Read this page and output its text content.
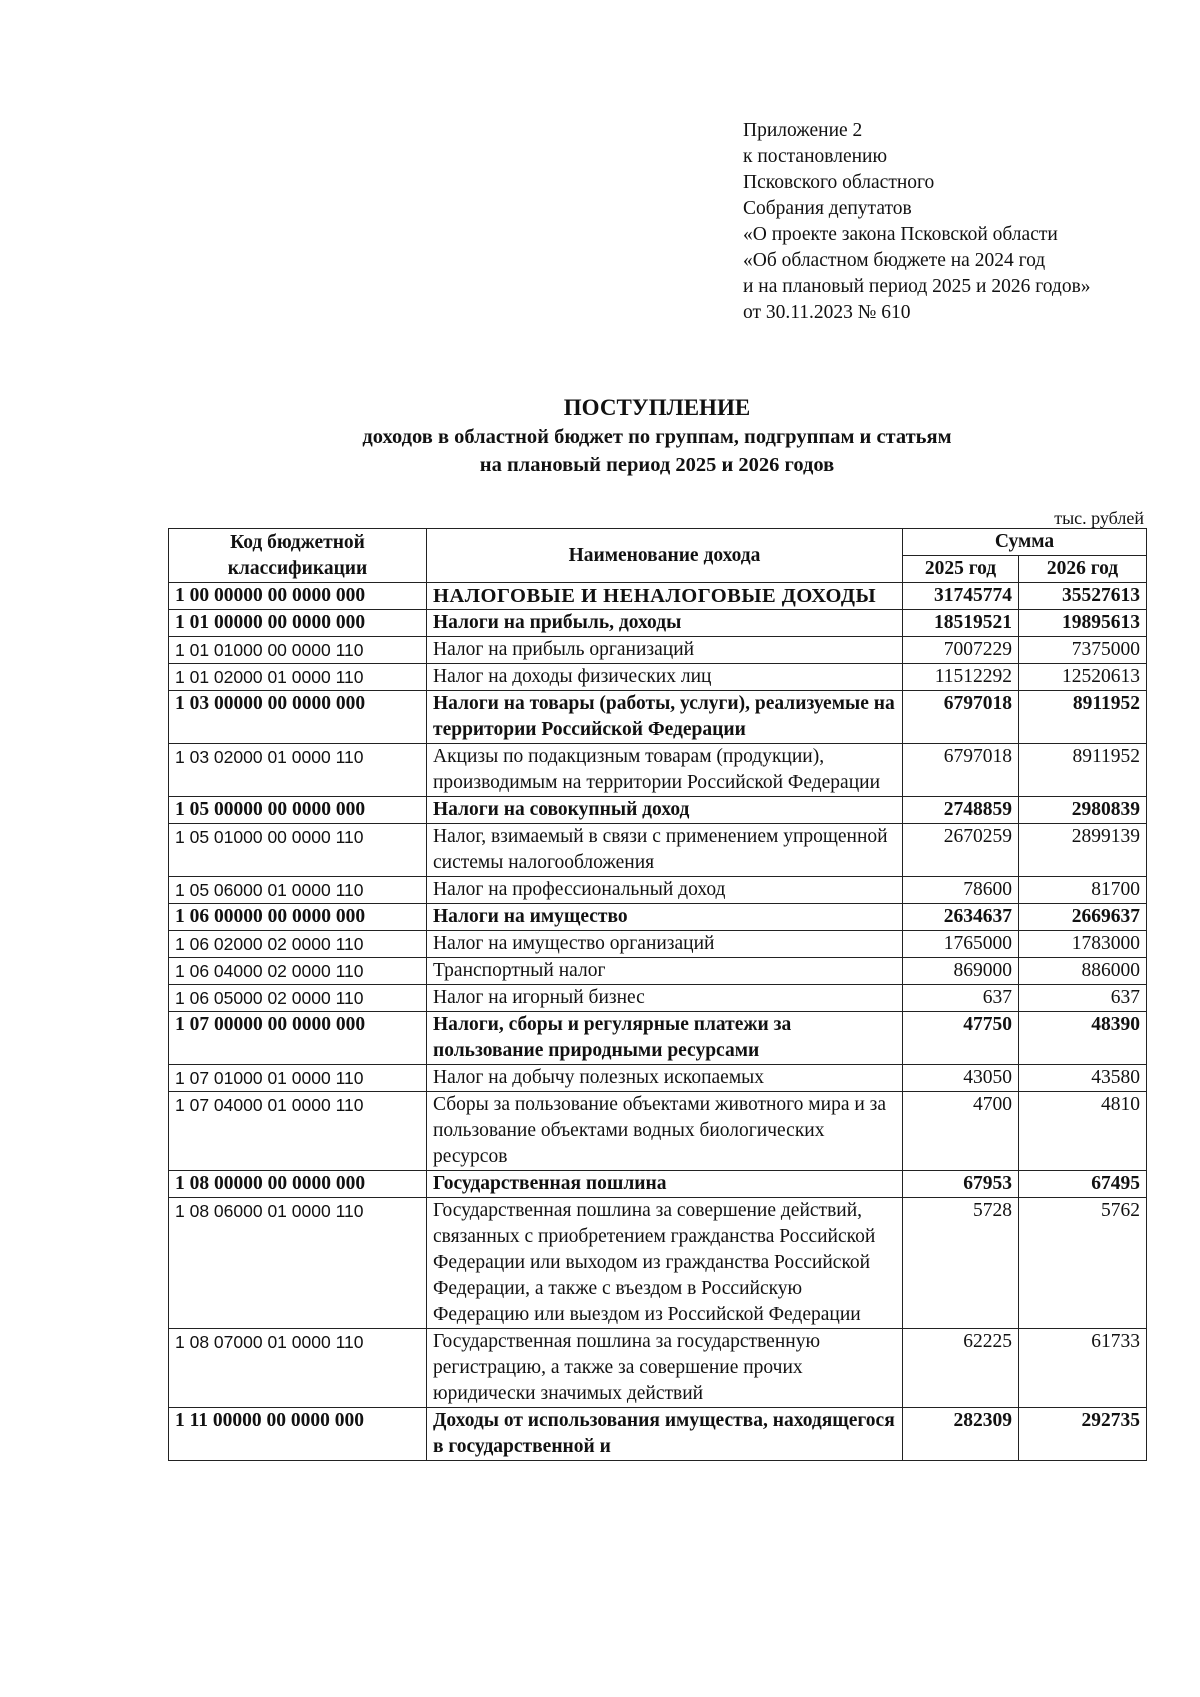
Приложение 2
к постановлению
Псковского областного
Собрания депутатов
«О проекте закона Псковской области
«Об областном бюджете на 2024 год
и на плановый период 2025 и 2026 годов»
от 30.11.2023 № 610
ПОСТУПЛЕНИЕ
доходов в областной бюджет по группам, подгруппам и статьям
на плановый период 2025 и 2026 годов
тыс. рублей
Код бюджетной классификации	Наименование дохода	Сумма	
		2025 год	2026 год
1 00 00000 00 0000 000	НАЛОГОВЫЕ И НЕНАЛОГОВЫЕ ДОХОДЫ	31745774	35527613
1 01 00000 00 0000 000	Налоги на прибыль, доходы	18519521	19895613
1 01 01000 00 0000 110	Налог на прибыль организаций	7007229	7375000
1 01 02000 01 0000 110	Налог на доходы физических лиц	11512292	12520613
1 03 00000 00 0000 000	Налоги на товары (работы, услуги), реализуемые на территории Российской Федерации	6797018	8911952
1 03 02000 01 0000 110	Акцизы по подакцизным товарам (продукции), производимым на территории Российской Федерации	6797018	8911952
1 05 00000 00 0000 000	Налоги на совокупный доход	2748859	2980839
1 05 01000 00 0000 110	Налог, взимаемый в связи с применением упрощенной системы налогообложения	2670259	2899139
1 05 06000 01 0000 110	Налог на профессиональный доход	78600	81700
1 06 00000 00 0000 000	Налоги на имущество	2634637	2669637
1 06 02000 02 0000 110	Налог на имущество организаций	1765000	1783000
1 06 04000 02 0000 110	Транспортный налог	869000	886000
1 06 05000 02 0000 110	Налог на игорный бизнес	637	637
1 07 00000 00 0000 000	Налоги, сборы и регулярные платежи за пользование природными ресурсами	47750	48390
1 07 01000 01 0000 110	Налог на добычу полезных ископаемых	43050	43580
1 07 04000 01 0000 110	Сборы за пользование объектами животного мира и за пользование объектами водных биологических ресурсов	4700	4810
1 08 00000 00 0000 000	Государственная пошлина	67953	67495
1 08 06000 01 0000 110	Государственная пошлина за совершение действий, связанных с приобретением гражданства Российской Федерации или выходом из гражданства Российской Федерации, а также с въездом в Российскую Федерацию или выездом из Российской Федерации	5728	5762
1 08 07000 01 0000 110	Государственная пошлина за государственную регистрацию, а также за совершение прочих юридически значимых действий	62225	61733
1 11 00000 00 0000 000	Доходы от использования имущества, находящегося в государственной и	282309	292735
